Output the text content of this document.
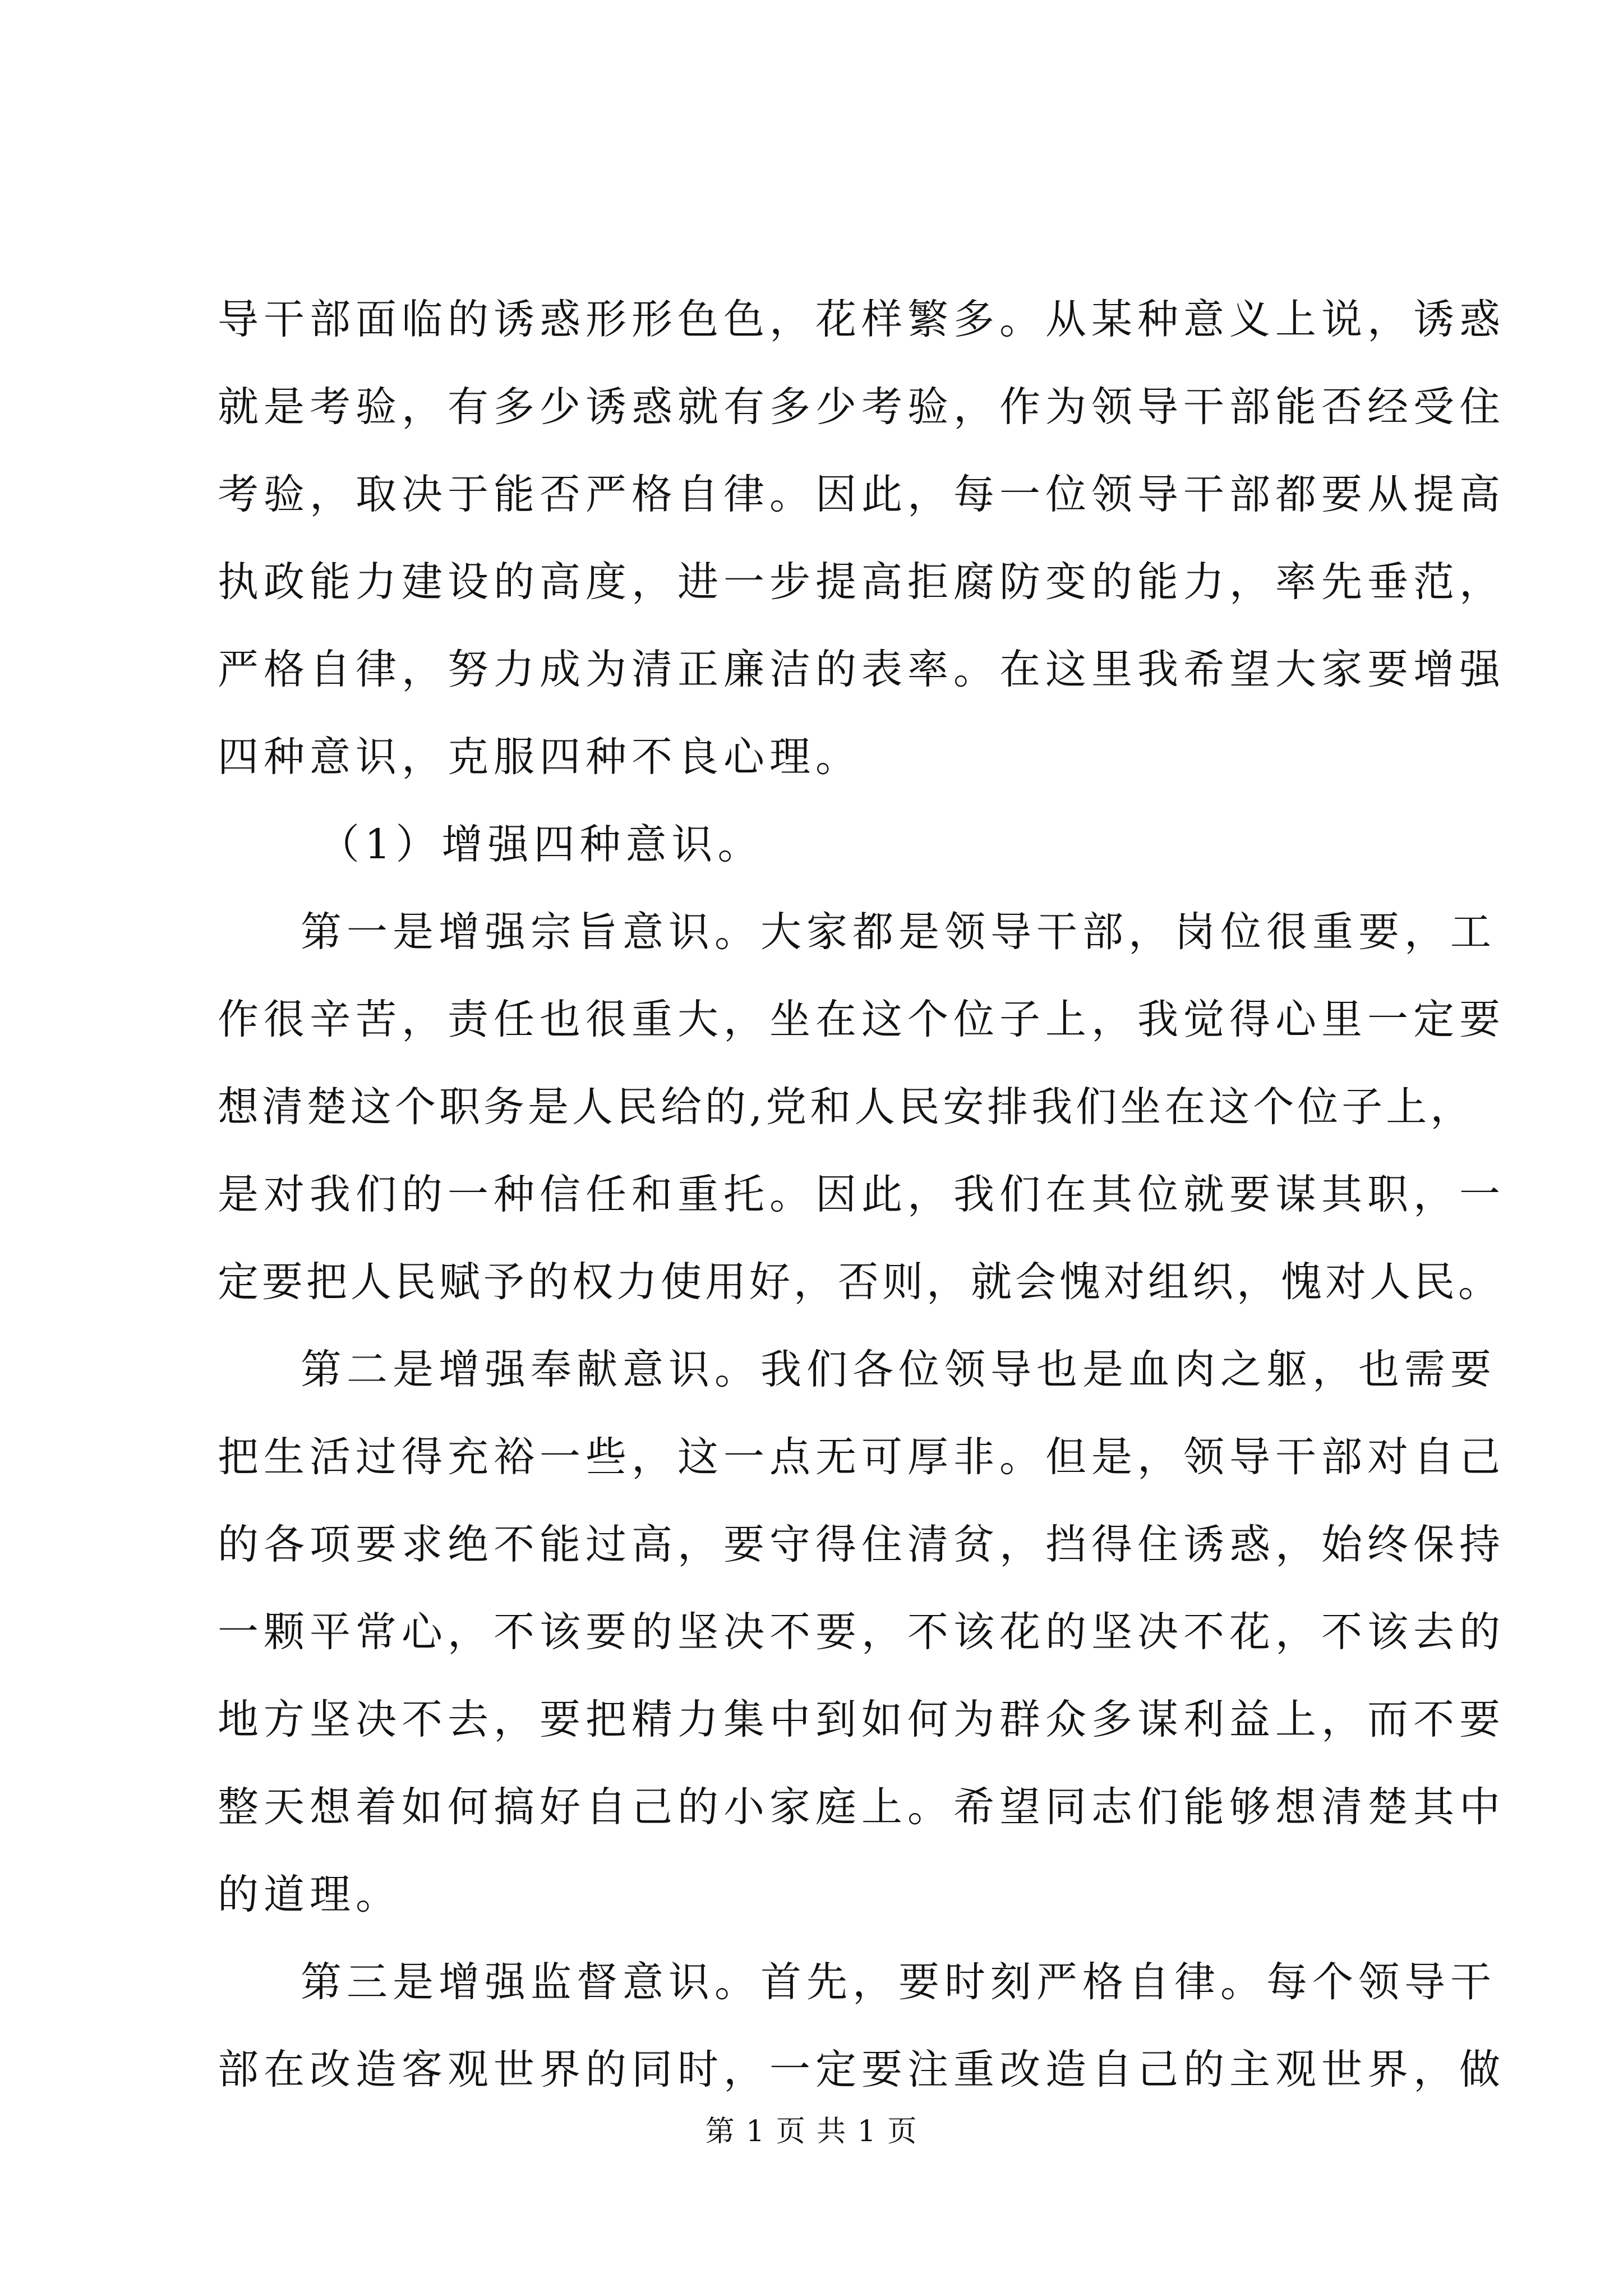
导干部面临的诱惑形形色色，花样繁多。从某种意义上说，诱惑
就是考验，有多少诱惑就有多少考验，作为领导干部能否经受住
考验，取决于能否严格自律。因此，每一位领导干部都要从提高
执政能力建设的高度，进一步提高拒腐防变的能力，率先垂范，
严格自律，努力成为清正廉洁的表率。在这里我希望大家要增强
四种意识，克服四种不良心理。
（1）增强四种意识。
第一是增强宗旨意识。大家都是领导干部，岗位很重要，工
作很辛苦，责任也很重大，坐在这个位子上，我觉得心里一定要
想清楚这个职务是人民给的,党和人民安排我们坐在这个位子上，
是对我们的一种信任和重托。因此，我们在其位就要谋其职，一
定要把人民赋予的权力使用好，否则，就会愧对组织，愧对人民。
第二是增强奉献意识。我们各位领导也是血肉之躯，也需要
把生活过得充裕一些，这一点无可厚非。但是，领导干部对自己
的各项要求绝不能过高，要守得住清贫，挡得住诱惑，始终保持
一颗平常心，不该要的坚决不要，不该花的坚决不花，不该去的
地方坚决不去，要把精力集中到如何为群众多谋利益上，而不要
整天想着如何搞好自己的小家庭上。希望同志们能够想清楚其中
的道理。
第三是增强监督意识。首先，要时刻严格自律。每个领导干
部在改造客观世界的同时，一定要注重改造自己的主观世界，做
第 1 页 共 1 页
